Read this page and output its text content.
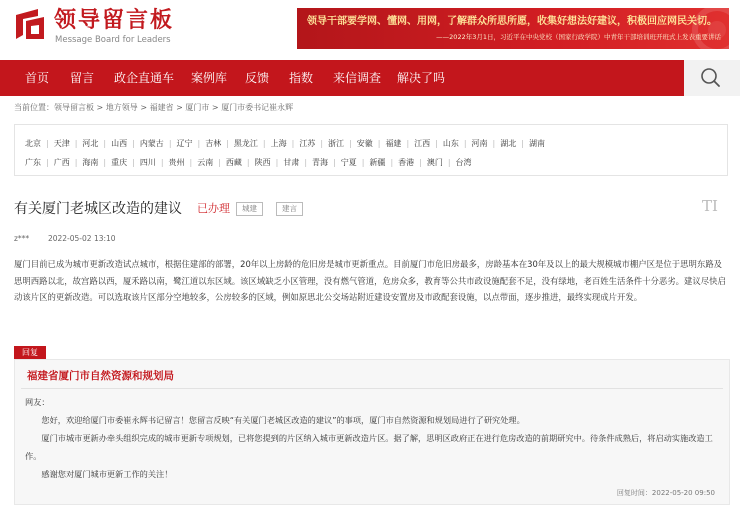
领导留言板
Message Board for Leaders
领导干部要学网、懂网、用网，了解群众所思所愿，收集好想法好建议，积极回应网民关切。
——2022年3月1日，习近平在中央党校（国家行政学院）中青年干部培训班开班式上发表重要讲话
首页 留言 政企直通车 案例库 反馈 指数 来信调查 解决了吗
当前位置：领导留言板 > 地方领导 > 福建省 > 厦门市 > 厦门市委书记崔永辉
北京 | 天津 | 河北 | 山西 | 内蒙古 | 辽宁 | 吉林 | 黑龙江 | 上海 | 江苏 | 浙江 | 安徽 | 福建 | 江西 | 山东 | 河南 | 湖北 | 湖南
广东 | 广西 | 海南 | 重庆 | 四川 | 贵州 | 云南 | 西藏 | 陕西 | 甘肃 | 青海 | 宁夏 | 新疆 | 香港 | 澳门 | 台湾
有关厦门老城区改造的建议 已办理	城建	建言	TI
z***	2022-05-02 13:10
厦门目前已成为城市更新改造试点城市，根据住建部的部署，20年以上房龄的危旧房是城市更新重点。目前厦门市危旧房最多，房龄基本在30年及以上的最大规模城市棚户区是位于思明东路及思明西路以北，故宫路以西，厦禾路以南，鹭江道以东区域。该区域缺乏小区管理，没有燃气管道，危房众多，教育等公共市政设施配套不足，没有绿地，老百姓生活条件十分恶劣。建议尽快启动该片区的更新改造。可以选取该片区部分空地较多，公房较多的区域，例如原思北公交场站附近建设安置房及市政配套设施，以点带面，逐步推进，最终实现成片开发。
回复
福建省厦门市自然资源和规划局

网友：

您好，欢迎给厦门市委崔永辉书记留言！您留言反映“有关厦门老城区改造的建议”的事项，厦门市自然资源和规划局进行了研究处理。

厦门市城市更新办牵头组织完成的城市更新专项规划，已将您提到的片区纳入城市更新改造片区。据了解，思明区政府正在进行危房改造的前期研究中。待条件成熟后，将启动实施改造工作。

感谢您对厦门城市更新工作的关注！

回复时间：2022-05-20 09:50
